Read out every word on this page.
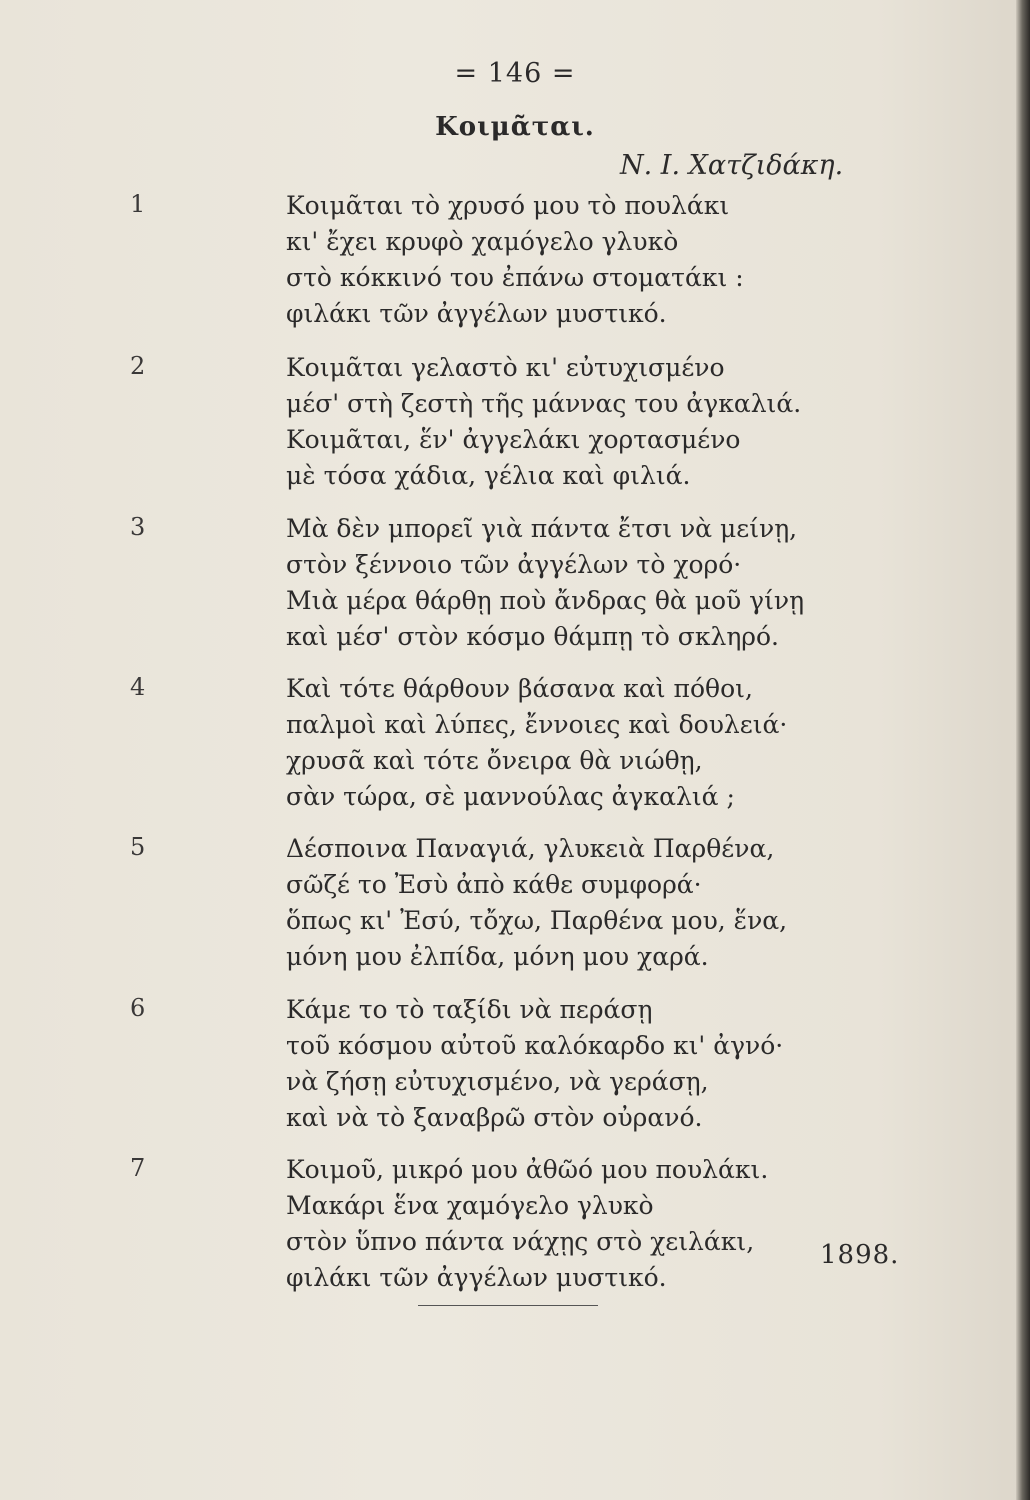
= 146 =
Κοιμᾶται.
Ν. Ι. Χατζιδάκη.
1	Κοιμᾶται τὸ χρυσό μου τὸ πουλάκι
κι' ἔχει κρυφὸ χαμόγελο γλυκὸ
στὸ κόκκινό του ἐπάνω στοματάκι :
φιλάκι τῶν ἀγγέλων μυστικό.
2	Κοιμᾶται γελαστὸ κι' εὐτυχισμένο
μέσ' στὴ ζεστὴ τῆς μάννας του ἀγκαλιά.
Κοιμᾶται, ἕν' ἀγγελάκι χορτασμένο
μὲ τόσα χάδια, γέλια καὶ φιλιά.
3	Μὰ δὲν μπορεῖ γιὰ πάντα ἔτσι νὰ μείνῃ,
στὸν ξέννοιο τῶν ἀγγέλων τὸ χορό·
Μιὰ μέρα θάρθῃ ποὺ ἄνδρας θὰ μοῦ γίνῃ
καὶ μέσ' στὸν κόσμο θάμπῃ τὸ σκληρό.
4	Καὶ τότε θάρθουν βάσανα καὶ πόθοι,
παλμοὶ καὶ λύπες, ἔννοιες καὶ δουλειά·
χρυσᾶ καὶ τότε ὄνειρα θὰ νιώθῃ,
σὰν τώρα, σὲ μαννούλας ἀγκαλιά ;
5	Δέσποινα Παναγιά, γλυκειὰ Παρθένα,
σῶζέ το Ἐσὺ ἀπὸ κάθε συμφορά·
ὅπως κι' Ἐσύ, τὄχω, Παρθένα μου, ἕνα,
μόνη μου ἐλπίδα, μόνη μου χαρά.
6	Κάμε το τὸ ταξίδι νὰ περάσῃ
τοῦ κόσμου αὐτοῦ καλόκαρδο κι' ἀγνό·
νὰ ζήσῃ εὐτυχισμένο, νὰ γεράσῃ,
καὶ νὰ τὸ ξαναβρῶ στὸν οὐρανό.
7	Κοιμοῦ, μικρό μου ἀθῶό μου πουλάκι.
Μακάρι ἕνα χαμόγελο γλυκὸ
στὸν ὕπνο πάντα νάχῃς στὸ χειλάκι,
φιλάκι τῶν ἀγγέλων μυστικό.
1898.
